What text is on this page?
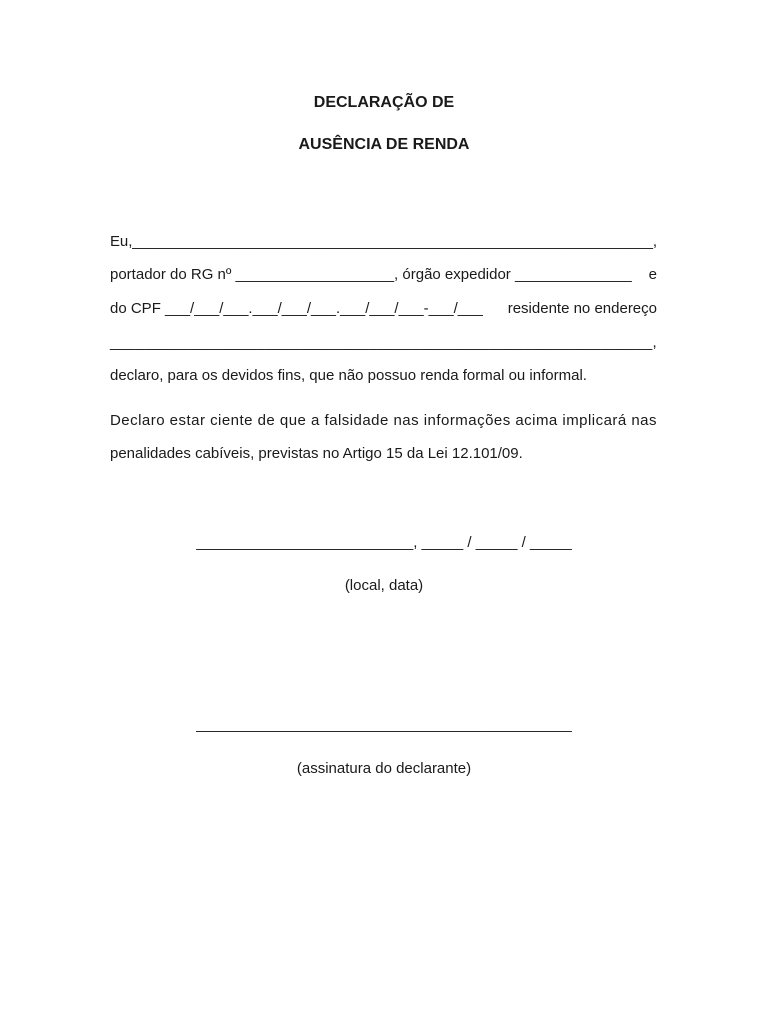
DECLARAÇÃO DE
AUSÊNCIA DE RENDA
Eu,_______________________________________________________________,
portador do RG nº ___________________, órgão expedidor ______________ e
do CPF ___/___/___.___/___/___.___/___/___-___/___ residente no endereço
_______________________________________________________________,
declaro, para os devidos fins, que não possuo renda formal ou informal.
Declaro estar ciente de que a falsidade nas informações acima implicará nas
penalidades cabíveis, previstas no Artigo 15 da Lei 12.101/09.
__________________________, _____ / _____ / _____
(local, data)
_____________________________________________
(assinatura do declarante)
